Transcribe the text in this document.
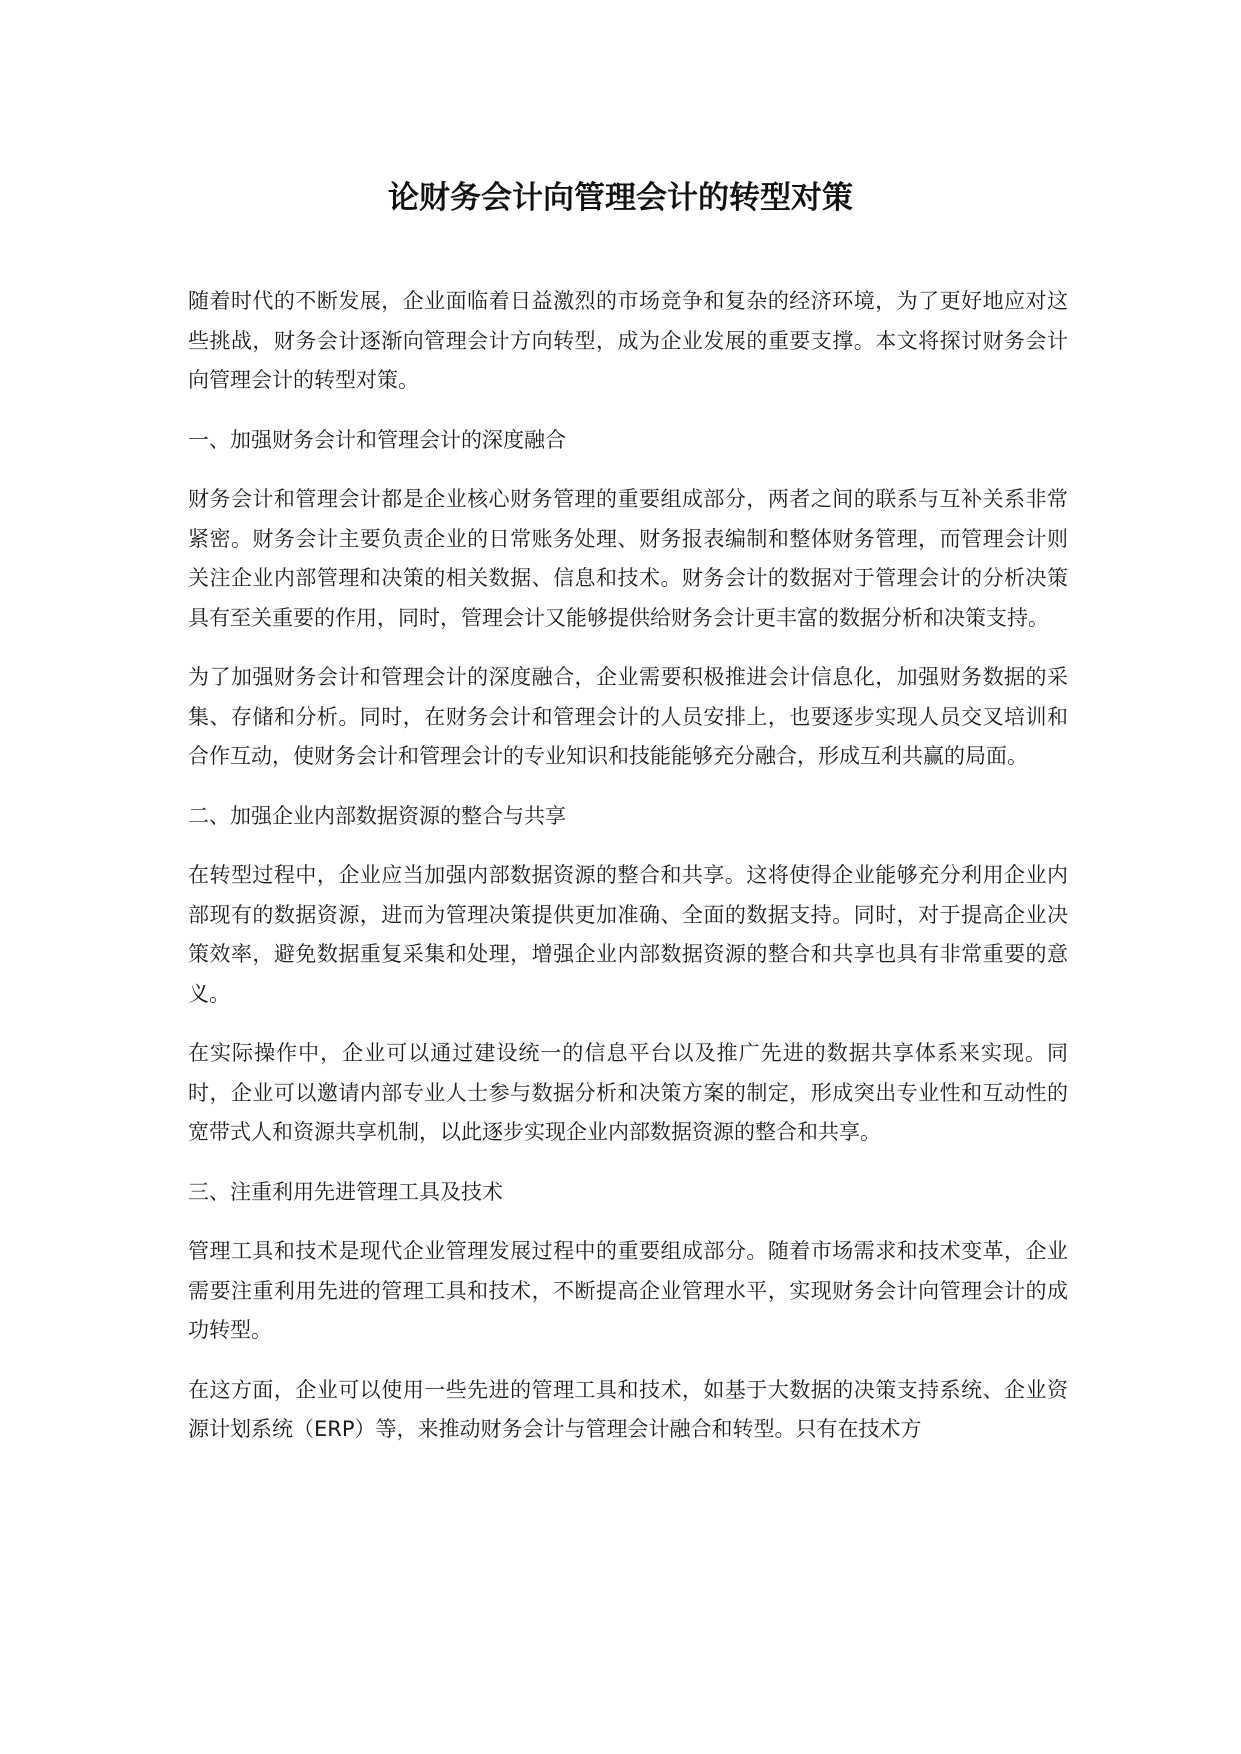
论财务会计向管理会计的转型对策

随着时代的不断发展，企业面临着日益激烈的市场竞争和复杂的经济环境，为了更好地应对这些挑战，财务会计逐渐向管理会计方向转型，成为企业发展的重要支撑。本文将探讨财务会计向管理会计的转型对策。

一、加强财务会计和管理会计的深度融合

财务会计和管理会计都是企业核心财务管理的重要组成部分，两者之间的联系与互补关系非常紧密。财务会计主要负责企业的日常账务处理、财务报表编制和整体财务管理，而管理会计则关注企业内部管理和决策的相关数据、信息和技术。财务会计的数据对于管理会计的分析决策具有至关重要的作用，同时，管理会计又能够提供给财务会计更丰富的数据分析和决策支持。

为了加强财务会计和管理会计的深度融合，企业需要积极推进会计信息化，加强财务数据的采集、存储和分析。同时，在财务会计和管理会计的人员安排上，也要逐步实现人员交叉培训和合作互动，使财务会计和管理会计的专业知识和技能能够充分融合，形成互利共赢的局面。

二、加强企业内部数据资源的整合与共享

在转型过程中，企业应当加强内部数据资源的整合和共享。这将使得企业能够充分利用企业内部现有的数据资源，进而为管理决策提供更加准确、全面的数据支持。同时，对于提高企业决策效率，避免数据重复采集和处理，增强企业内部数据资源的整合和共享也具有非常重要的意义。

在实际操作中，企业可以通过建设统一的信息平台以及推广先进的数据共享体系来实现。同时，企业可以邀请内部专业人士参与数据分析和决策方案的制定，形成突出专业性和互动性的宽带式人和资源共享机制，以此逐步实现企业内部数据资源的整合和共享。

三、注重利用先进管理工具及技术

管理工具和技术是现代企业管理发展过程中的重要组成部分。随着市场需求和技术变革，企业需要注重利用先进的管理工具和技术，不断提高企业管理水平，实现财务会计向管理会计的成功转型。

在这方面，企业可以使用一些先进的管理工具和技术，如基于大数据的决策支持系统、企业资源计划系统（ERP）等，来推动财务会计与管理会计融合和转型。只有在技术方
